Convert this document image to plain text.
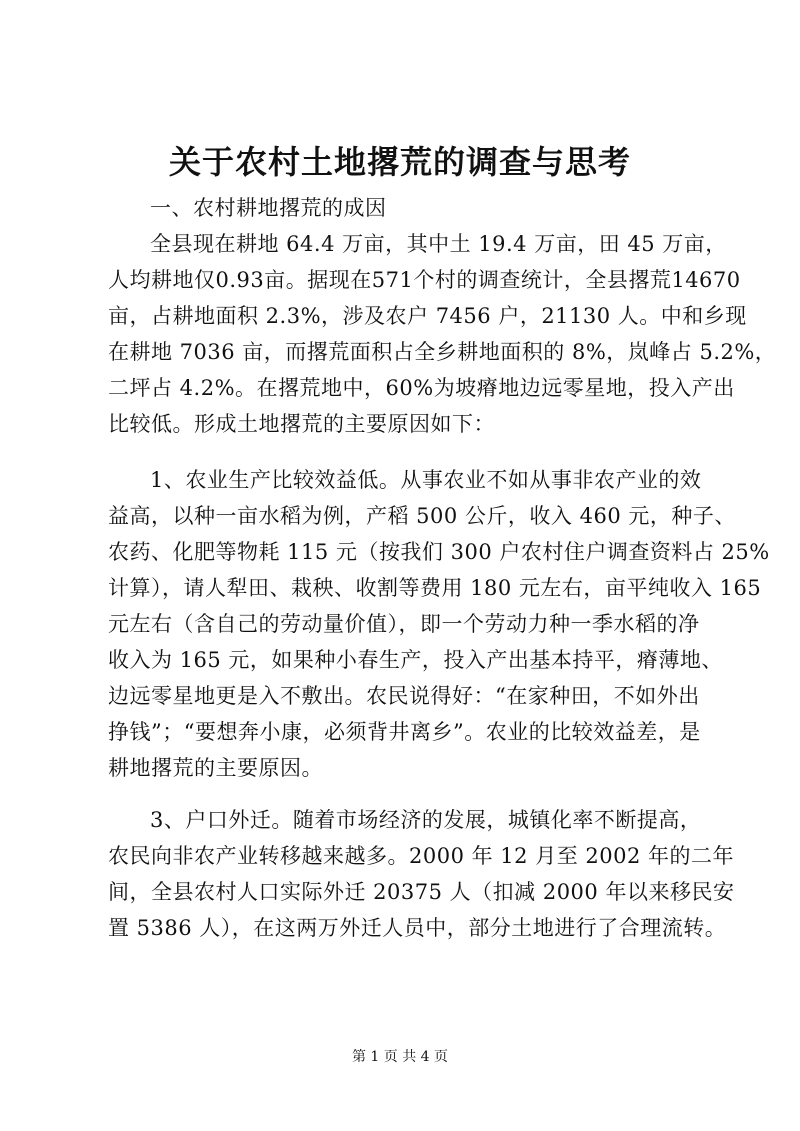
关于农村土地撂荒的调查与思考
一、农村耕地撂荒的成因
全县现在耕地 64.4 万亩，其中土 19.4 万亩，田 45 万亩，
人均耕地仅0.93亩。据现在571个村的调查统计，全县撂荒14670
亩，占耕地面积 2.3%，涉及农户 7456 户，21130 人。中和乡现
在耕地 7036 亩，而撂荒面积占全乡耕地面积的 8%，岚峰占 5.2%，
二坪占 4.2%。在撂荒地中，60%为坡瘠地边远零星地，投入产出
比较低。形成土地撂荒的主要原因如下：
1、农业生产比较效益低。从事农业不如从事非农产业的效
益高，以种一亩水稻为例，产稻 500 公斤，收入 460 元，种子、
农药、化肥等物耗 115 元（按我们 300 户农村住户调查资料占 25%
计算），请人犁田、栽秧、收割等费用 180 元左右，亩平纯收入 165
元左右（含自己的劳动量价值），即一个劳动力种一季水稻的净
收入为 165 元，如果种小春生产，投入产出基本持平，瘠薄地、
边远零星地更是入不敷出。农民说得好：“在家种田，不如外出
挣钱”；“要想奔小康，必须背井离乡”。农业的比较效益差，是
耕地撂荒的主要原因。
3、户口外迁。随着市场经济的发展，城镇化率不断提高，
农民向非农产业转移越来越多。2000 年 12 月至 2002 年的二年
间，全县农村人口实际外迁 20375 人（扣减 2000 年以来移民安
置 5386 人），在这两万外迁人员中，部分土地进行了合理流转。
第 1 页 共 4 页
